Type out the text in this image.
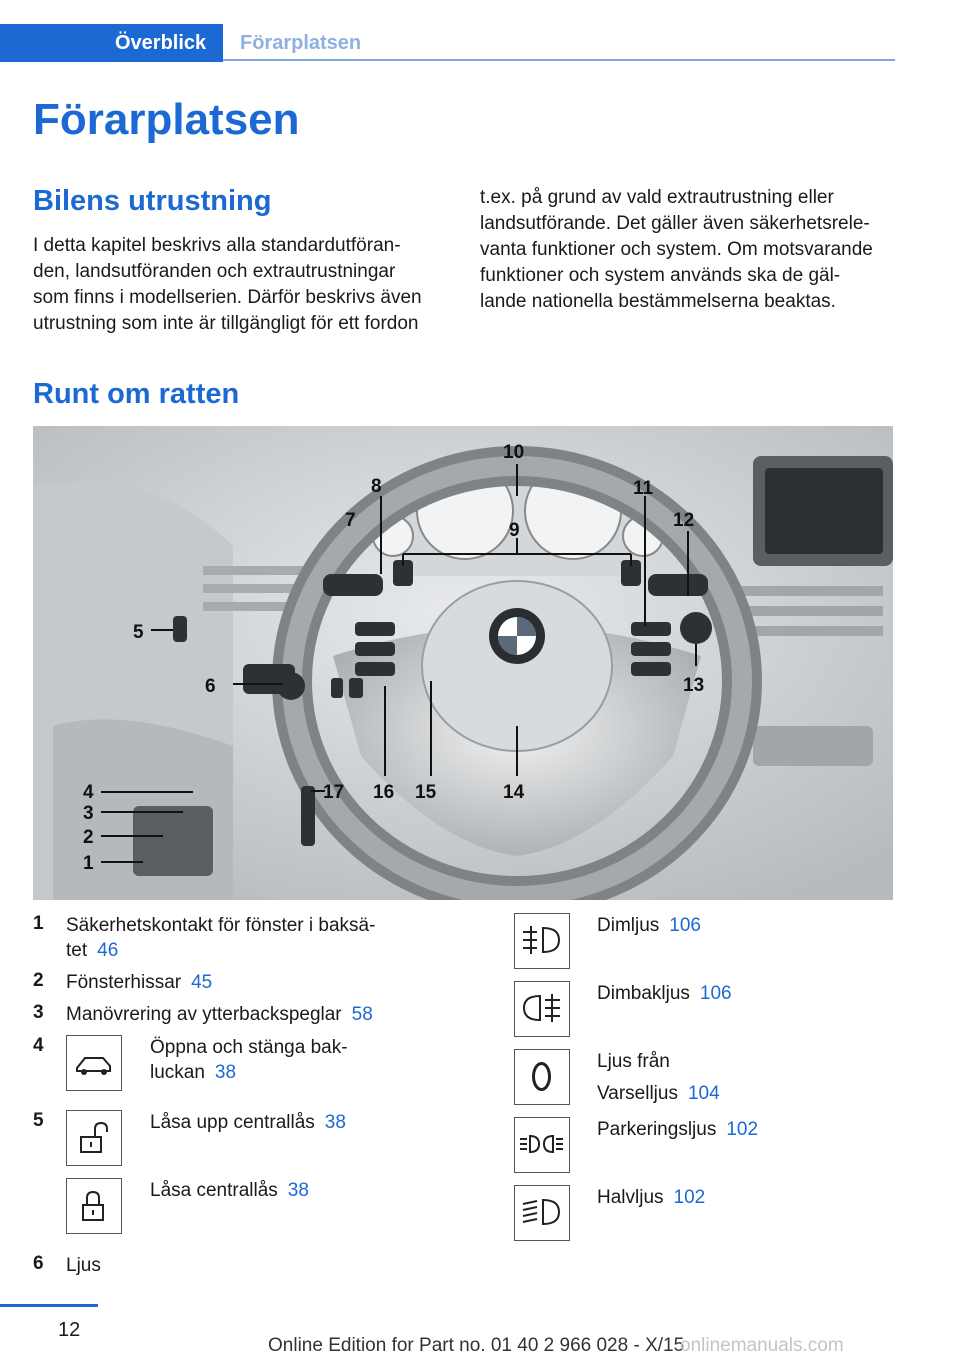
Överblick	Förarplatsen
Förarplatsen
Bilens utrustning
I detta kapitel beskrivs alla standardutföran-
den, landsutföranden och extrautrustningar
som finns i modellserien. Därför beskrivs även
utrustning som inte är tillgängligt för ett fordon
t.ex. på grund av vald extrautrustning eller
landsutförande. Det gäller även säkerhetsrele-
vanta funktioner och system. Om motsvarande
funktioner och system används ska de gäl-
lande nationella bestämmelserna beaktas.
Runt om ratten
1
2
3
4
5
6
7
8
9
10
11
12
13
14
15
16
17
1 Säkerhetskontakt för fönster i baksä-
tet 46
2 Fönsterhissar 45
3 Manövrering av ytterbackspeglar 58
4	Öppna och stänga bak-
luckan 38
5	Låsa upp centrallås 38
Låsa centrallås 38
6 Ljus
Dimljus 106
Dimbakljus 106
Ljus från
Varselljus 104
Parkeringsljus 102
Halvljus 102
12
Online Edition for Part no. 01 40 2 966 028 - X/15
onlinemanuals.com
